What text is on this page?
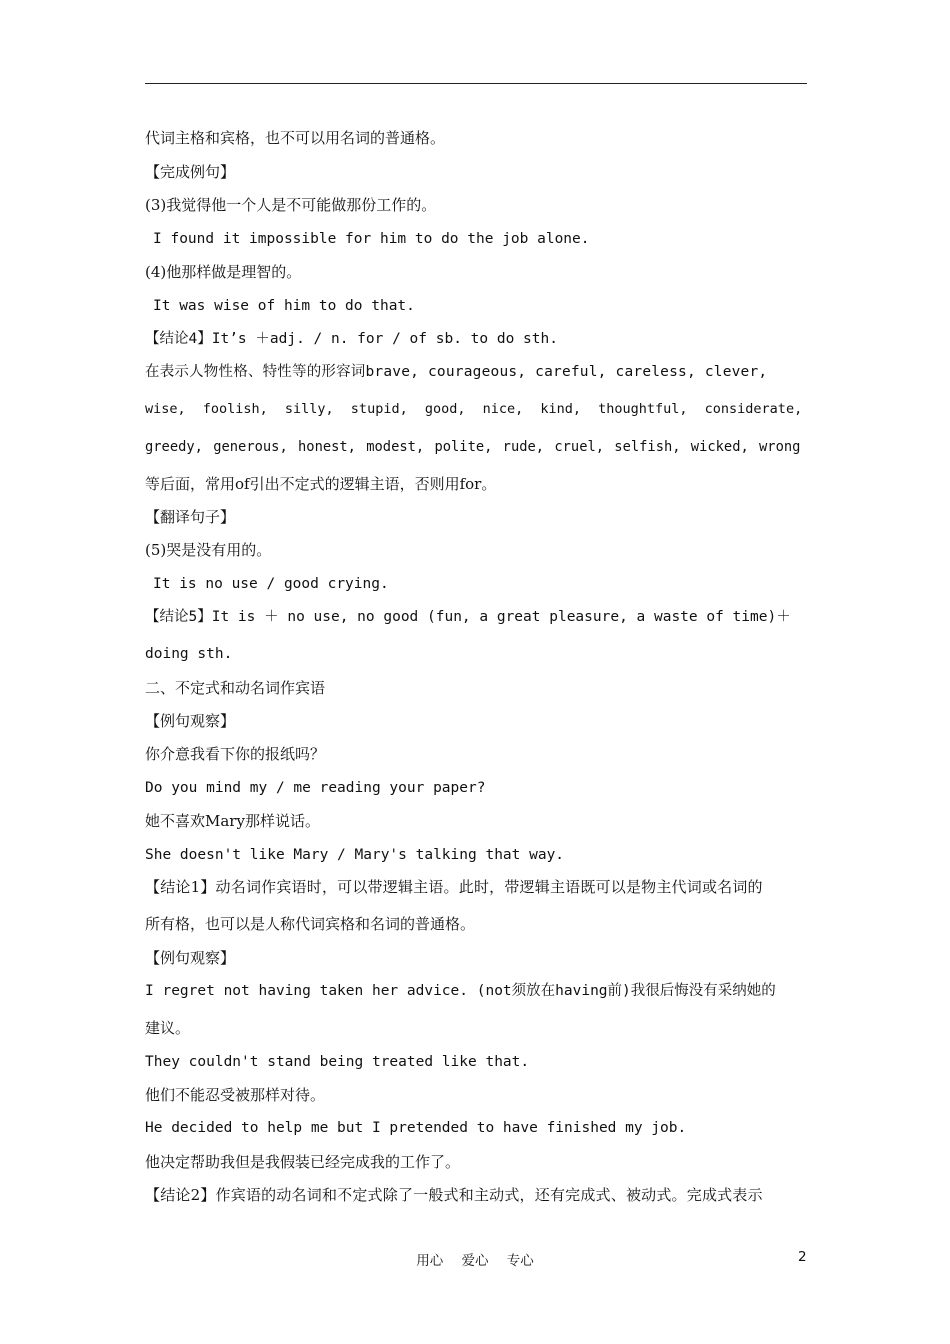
代词主格和宾格，也不可以用名词的普通格。
【完成例句】
(3)我觉得他一个人是不可能做那份工作的。
I found it impossible for him to do the job alone.
(4)他那样做是理智的。
It was wise of him to do that.
【结论4】It’s ＋adj. / n. for / of sb. to do sth.
在表示人物性格、特性等的形容词brave, courageous, careful, careless, clever,
wise, foolish, silly, stupid, good, nice, kind, thoughtful, considerate,
greedy, generous, honest, modest, polite, rude, cruel, selfish, wicked, wrong
等后面，常用of引出不定式的逻辑主语，否则用for。
【翻译句子】
(5)哭是没有用的。
It is no use / good crying.
【结论5】It is ＋ no use, no good (fun, a great pleasure, a waste of time)＋
doing sth.
二、不定式和动名词作宾语
【例句观察】
你介意我看下你的报纸吗？
Do you mind my / me reading your paper?
她不喜欢Mary那样说话。
She doesn't like Mary / Mary's talking that way.
【结论1】动名词作宾语时，可以带逻辑主语。此时，带逻辑主语既可以是物主代词或名词的
所有格，也可以是人称代词宾格和名词的普通格。
【例句观察】
I regret not having taken her advice. (not须放在having前)我很后悔没有采纳她的
建议。
They couldn't stand being treated like that.
他们不能忍受被那样对待。
He decided to help me but I pretended to have finished my job.
他决定帮助我但是我假装已经完成我的工作了。
【结论2】作宾语的动名词和不定式除了一般式和主动式，还有完成式、被动式。完成式表示
用心 爱心 专心	2
